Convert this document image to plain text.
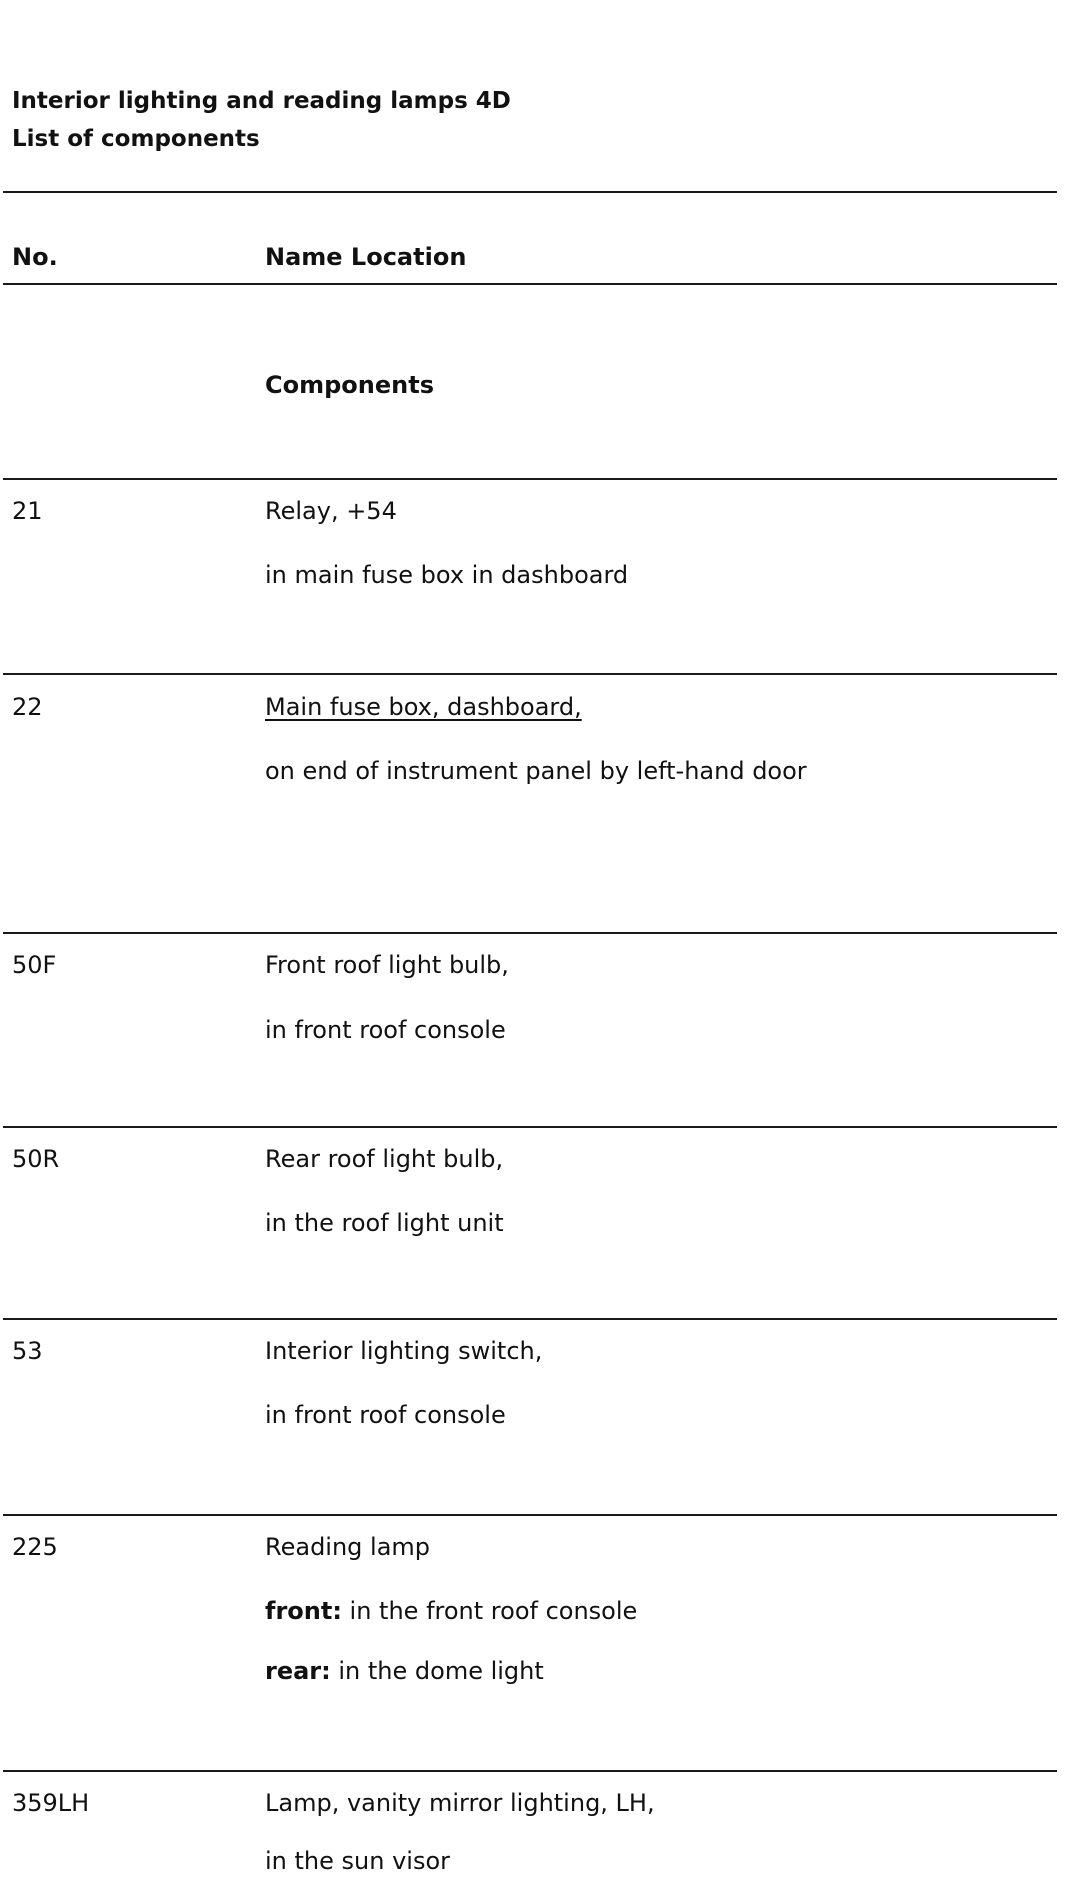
Interior lighting and reading lamps 4D
List of components
No.	Name Location
Components
21	Relay, +54
in main fuse box in dashboard
22	Main fuse box, dashboard,
on end of instrument panel by left-hand door
50F	Front roof light bulb,
in front roof console
50R	Rear roof light bulb,
in the roof light unit
53	Interior lighting switch,
in front roof console
225	Reading lamp
front: in the front roof console
rear: in the dome light
359LH	Lamp, vanity mirror lighting, LH,
in the sun visor
